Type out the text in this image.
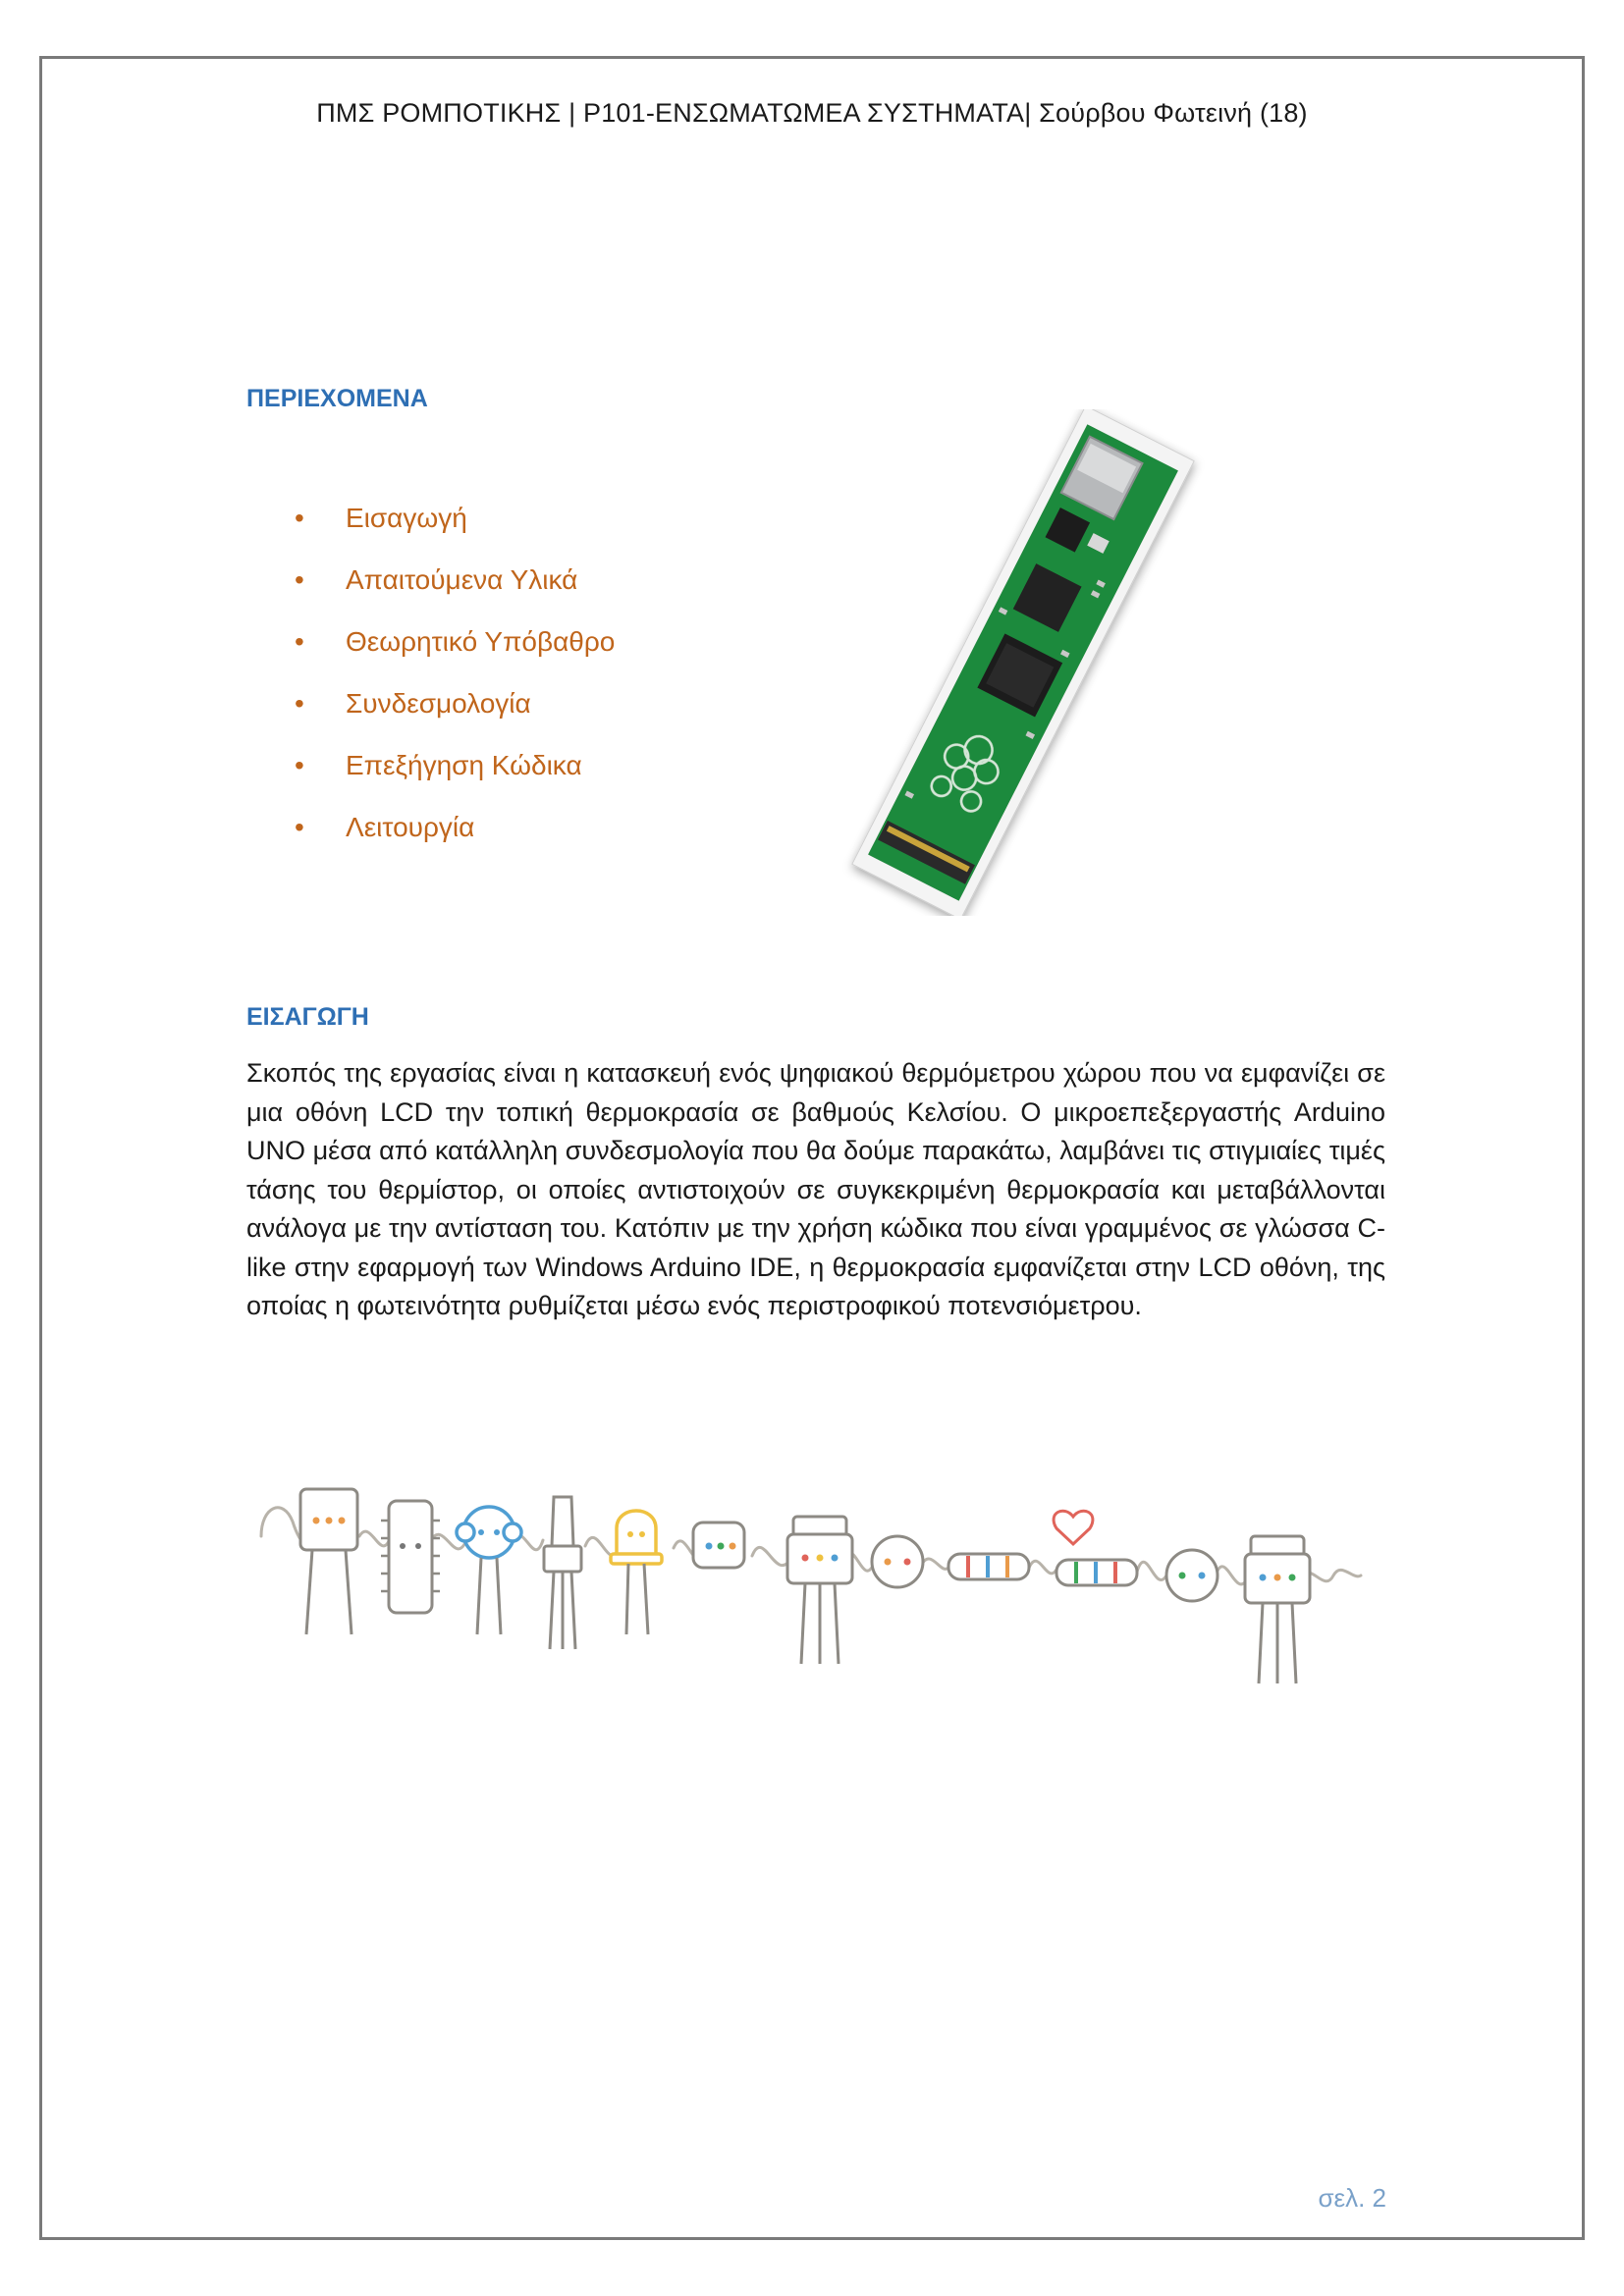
ΠΜΣ ΡΟΜΠΟΤΙΚΗΣ | Ρ101-ΕΝΣΩΜΑΤΩΜΕΑ ΣΥΣΤΗΜΑΤΑ| Σούρβου Φωτεινή (18)
ΠΕΡΙΕΧΟΜΕΝΑ
•	Εισαγωγή
•	Απαιτούμενα Υλικά
•	Θεωρητικό Υπόβαθρο
•	Συνδεσμολογία
•	Επεξήγηση Κώδικα
•	Λειτουργία
ΕΙΣΑΓΩΓΗ

Σκοπός της εργασίας είναι η κατασκευή ενός ψηφιακού θερμόμετρου χώρου που να εμφανίζει σε μια οθόνη LCD την τοπική θερμοκρασία σε βαθμούς Κελσίου. Ο μικροεπεξεργαστής Arduino UNO μέσα από κατάλληλη συνδεσμολογία που θα δούμε παρακάτω, λαμβάνει τις στιγμιαίες τιμές τάσης του θερμίστορ, οι οποίες αντιστοιχούν σε συγκεκριμένη θερμοκρασία και μεταβάλλονται ανάλογα με την αντίσταση του. Κατόπιν με την χρήση κώδικα που είναι γραμμένος σε γλώσσα C-like στην εφαρμογή των Windows Arduino IDE, η θερμοκρασία εμφανίζεται στην LCD οθόνη, της οποίας η φωτεινότητα ρυθμίζεται μέσω ενός περιστροφικού ποτενσιόμετρου.

σελ. 2
